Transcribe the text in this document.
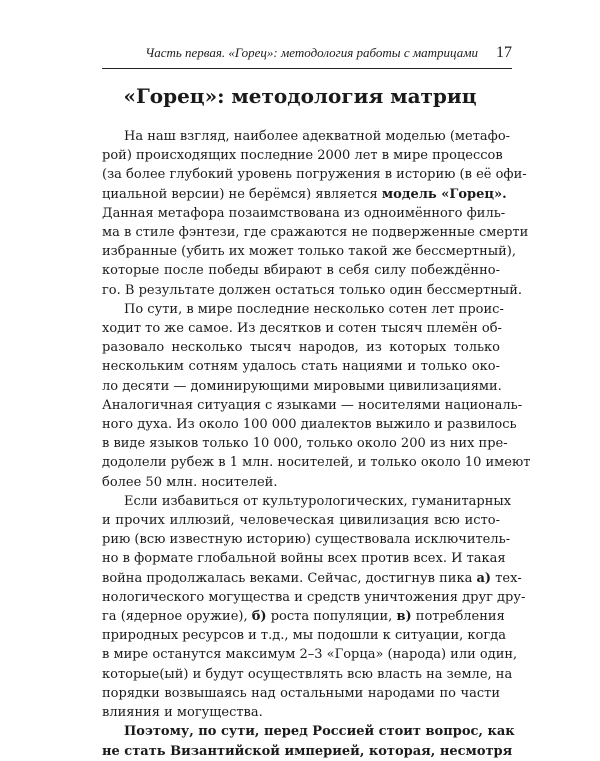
Часть первая. «Горец»: методология работы с матрицами 17
«Горец»: методология матриц

На наш взгляд, наиболее адекватной моделью (метафо-
рой) происходящих последние 2000 лет в мире процессов
(за более глубокий уровень погружения в историю (в её офи-
циальной версии) не берёмся) является модель «Горец».
Данная метафора позаимствована из одноимённого филь-
ма в стиле фэнтези, где сражаются не подверженные смерти
избранные (убить их может только такой же бессмертный),
которые после победы вбирают в себя силу побеждённо-
го. В результате должен остаться только один бессмертный.

По сути, в мире последние несколько сотен лет проис-
ходит то же самое. Из десятков и сотен тысяч племён об-
разовало несколько тысяч народов, из которых только
нескольким сотням удалось стать нациями и только око-
ло десяти — доминирующими мировыми цивилизациями.
Аналогичная ситуация с языками — носителями националь-
ного духа. Из около 100 000 диалектов выжило и развилось
в виде языков только 10 000, только около 200 из них пре-
додолели рубеж в 1 млн. носителей, и только около 10 имеют
более 50 млн. носителей.

Если избавиться от культурологических, гуманитарных
и прочих иллюзий, человеческая цивилизация всю исто-
рию (всю известную историю) существовала исключитель-
но в формате глобальной войны всех против всех. И такая
война продолжалась веками. Сейчас, достигнув пика а) тех-
нологического могущества и средств уничтожения друг дру-
га (ядерное оружие), б) роста популяции, в) потребления
природных ресурсов и т.д., мы подошли к ситуации, когда
в мире останутся максимум 2–3 «Горца» (народа) или один,
которые(ый) и будут осуществлять всю власть на земле, на
порядки возвышаясь над остальными народами по части
влияния и могущества.

Поэтому, по сути, перед Россией стоит вопрос, как
не стать Византийской империей, которая, несмотря
